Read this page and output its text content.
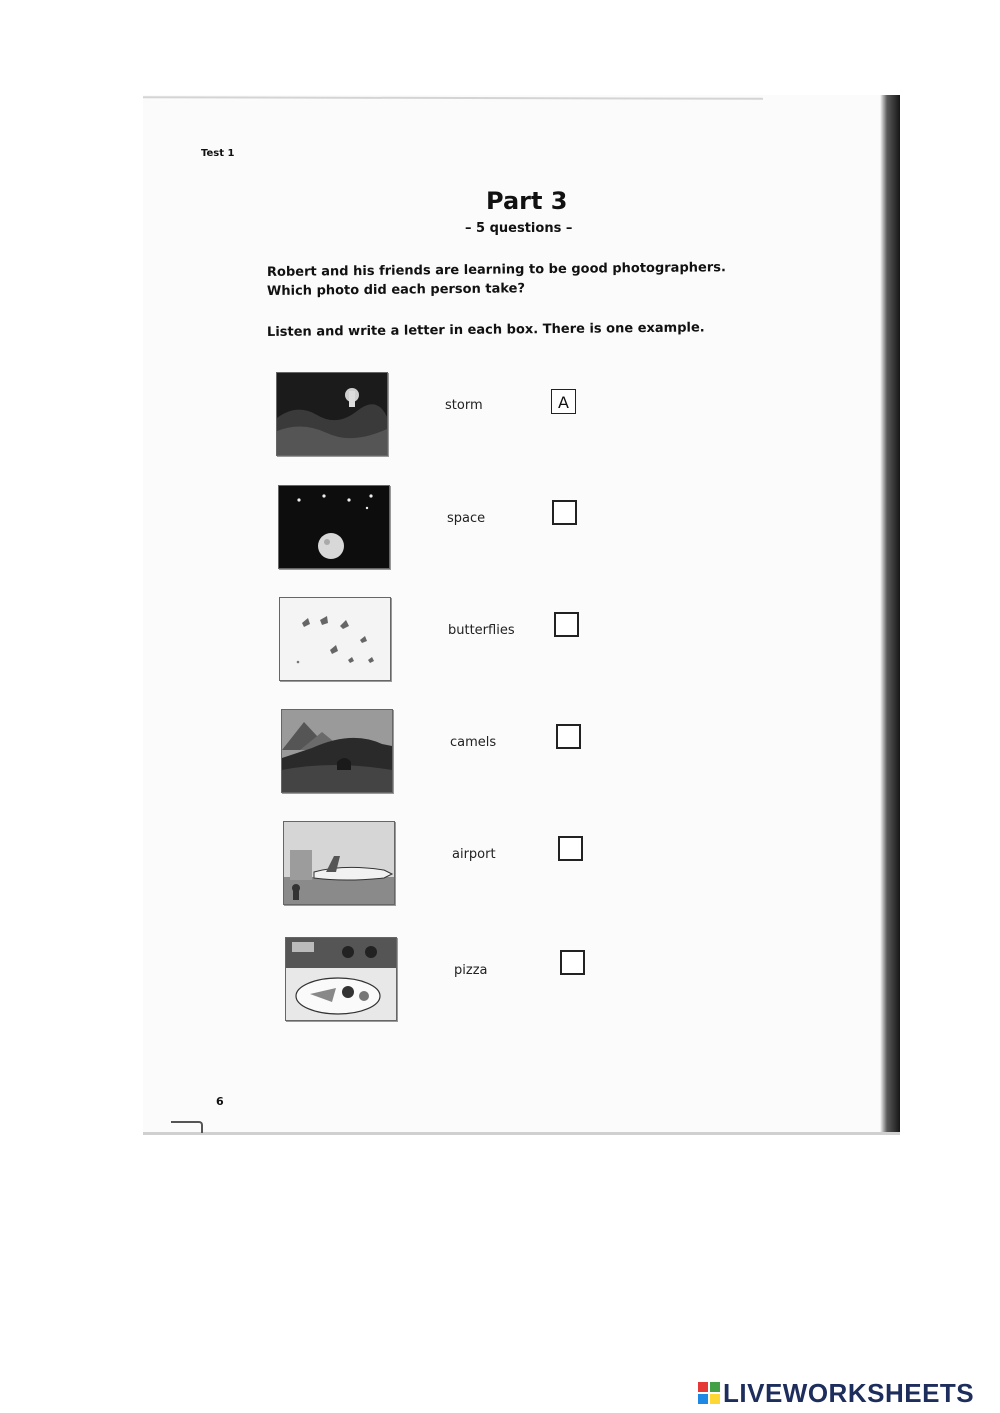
Test 1
Part 3
– 5 questions –
Robert and his friends are learning to be good photographers.
Which photo did each person take?
Listen and write a letter in each box. There is one example.
storm	A
space
butterflies
camels
airport
pizza
6
LIVEWORKSHEETS
